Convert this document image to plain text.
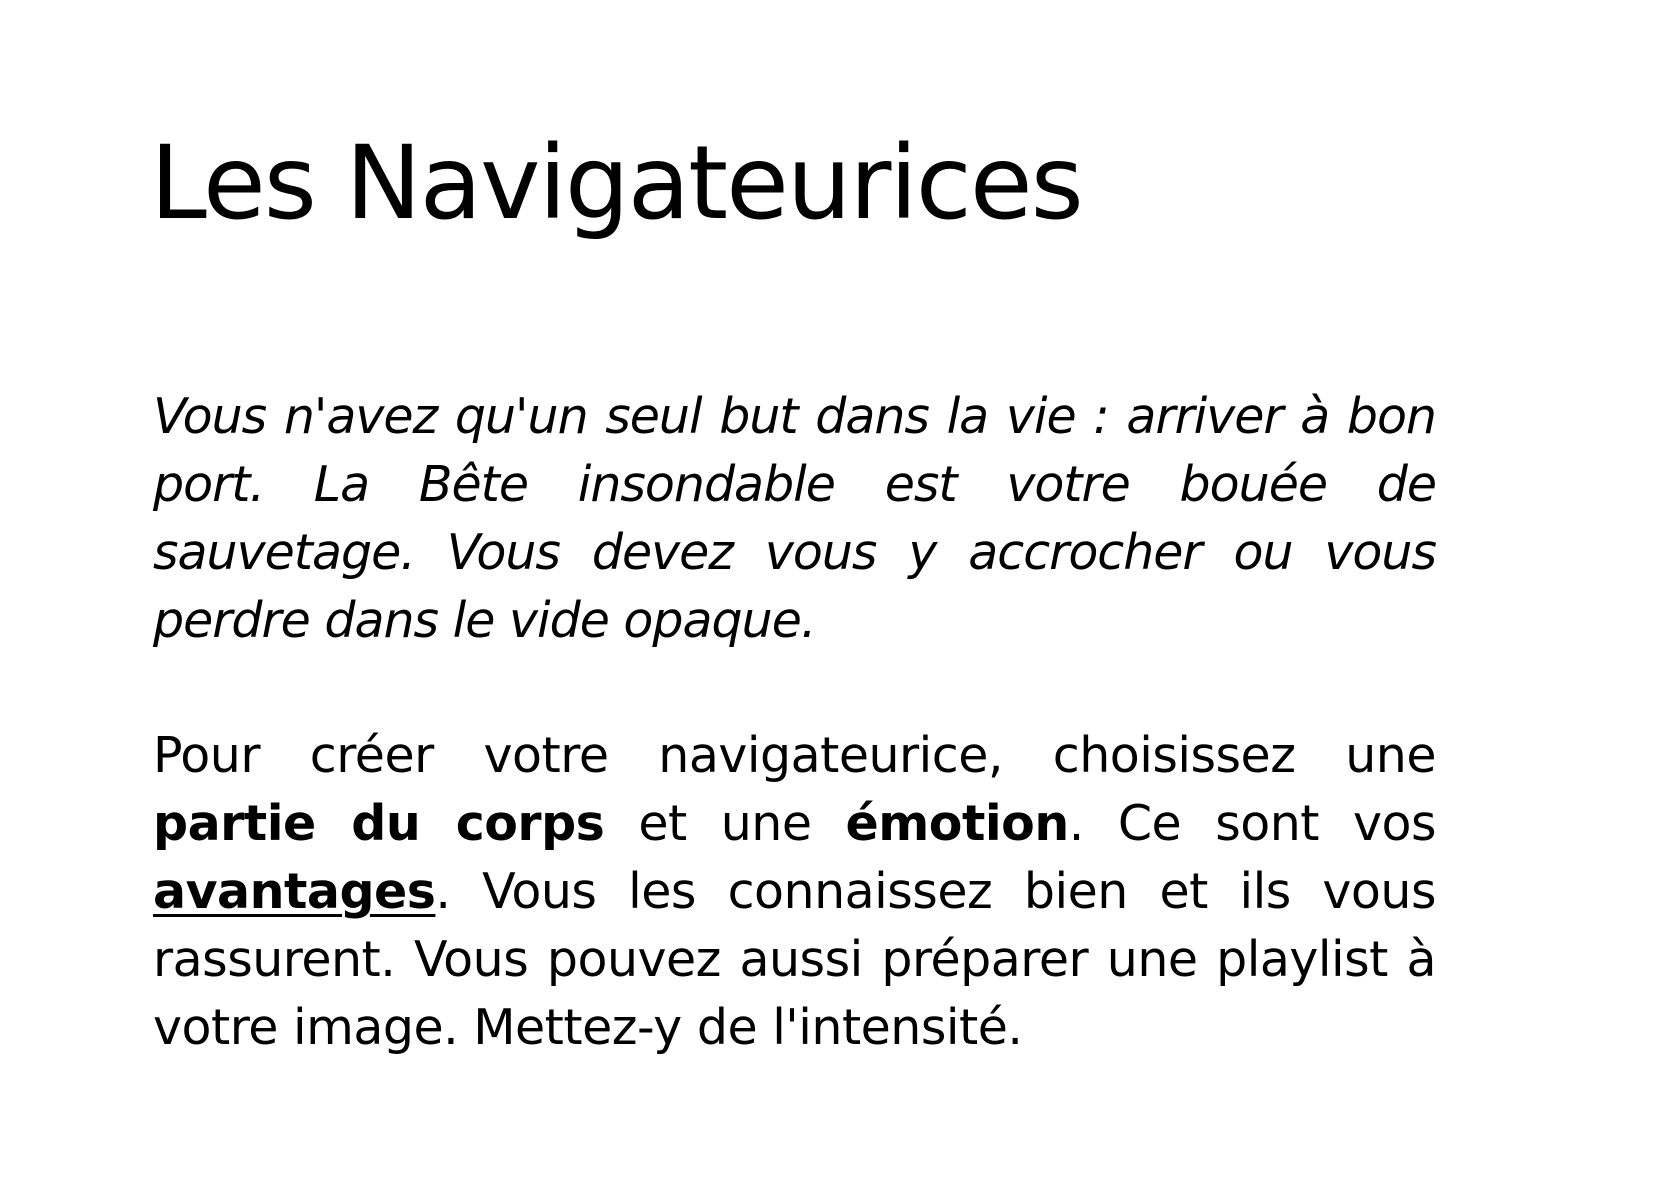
Les Navigateurices

Vous n'avez qu'un seul but dans la vie : arriver à bon port. La Bête insondable est votre bouée de sauvetage. Vous devez vous y accrocher ou vous perdre dans le vide opaque.

Pour créer votre navigateurice, choisissez une partie du corps et une émotion. Ce sont vos avantages. Vous les connaissez bien et ils vous rassurent. Vous pouvez aussi préparer une playlist à votre image. Mettez-y de l'intensité.
